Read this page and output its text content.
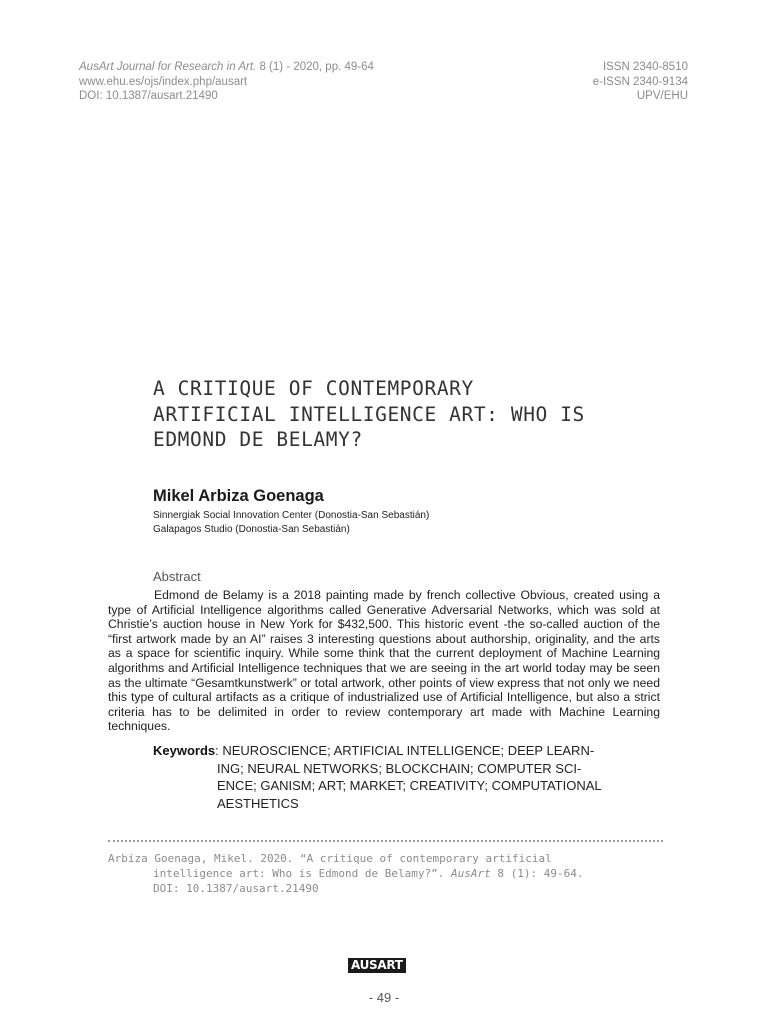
AusArt Journal for Research in Art. 8 (1) - 2020, pp. 49-64
www.ehu.es/ojs/index.php/ausart
DOI: 10.1387/ausart.21490
ISSN 2340-8510
e-ISSN 2340-9134
UPV/EHU
A CRITIQUE OF CONTEMPORARY
ARTIFICIAL INTELLIGENCE ART: WHO IS
EDMOND DE BELAMY?
Mikel Arbiza Goenaga
Sinnergiak Social Innovation Center (Donostia-San Sebastián)
Galapagos Studio (Donostia-San Sebastián)
Abstract

Edmond de Belamy is a 2018 painting made by french collective Obvious, created using a type of Artificial Intelligence algorithms called Generative Adversarial Networks, which was sold at Christie’s auction house in New York for $432,500. This historic event -the so-called auction of the “first artwork made by an AI” raises 3 interesting questions about authorship, originality, and the arts as a space for scientific inquiry. While some think that the current deployment of Machine Learning algorithms and Artificial Intelligence techniques that we are seeing in the art world today may be seen as the ultimate “Gesamtkunstwerk” or total artwork, other points of view express that not only we need this type of cultural artifacts as a critique of industrialized use of Artificial Intelligence, but also a strict criteria has to be delimited in order to review contemporary art made with Machine Learning techniques.

Keywords: NEUROSCIENCE; ARTIFICIAL INTELLIGENCE; DEEP LEARN-
ING; NEURAL NETWORKS; BLOCKCHAIN; COMPUTER SCI-
ENCE; GANISM; ART; MARKET; CREATIVITY; COMPUTATIONAL
AESTHETICS
Arbiza Goenaga, Mikel. 2020. “A critique of contemporary artificial
intelligence art: Who is Edmond de Belamy?”. AusArt 8 (1): 49-64.
DOI: 10.1387/ausart.21490
AUSART
- 49 -
